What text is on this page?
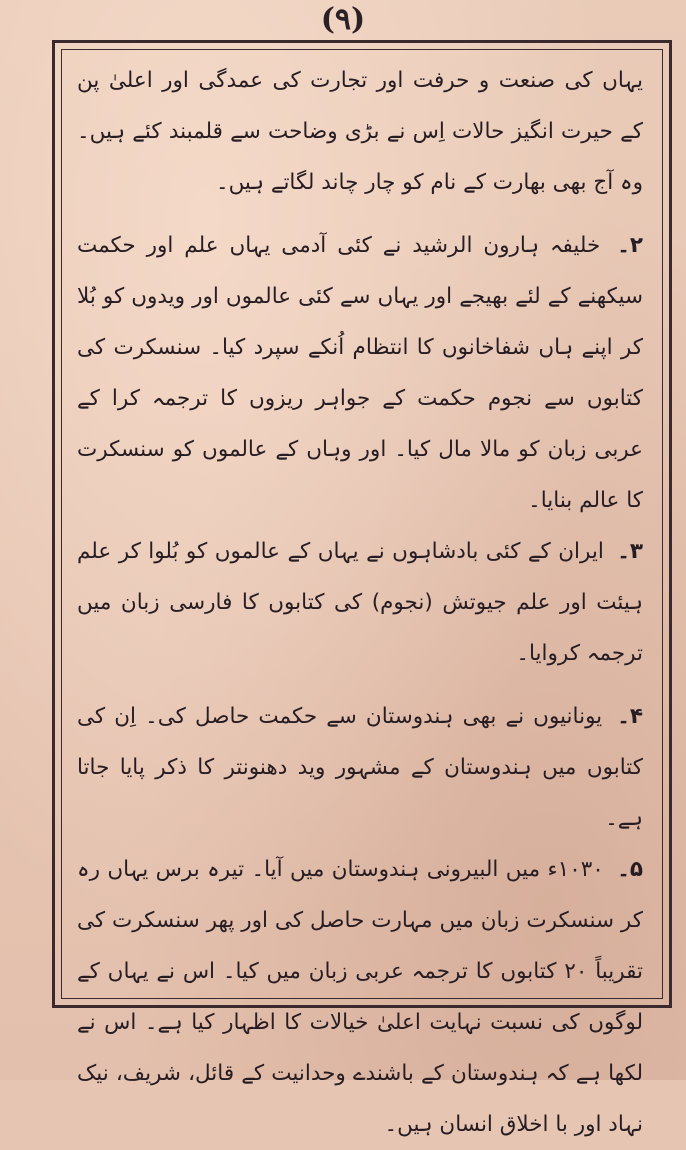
(۹)

یہاں کی صنعت و حرفت اور تجارت کی عمدگی اور اعلیٰ پن کے حیرت انگیز حالات اِس نے بڑی وضاحت سے قلمبند کئے ہیں۔ وہ آج بھی بھارت کے نام کو چار چاند لگاتے ہیں۔

۲۔ خلیفہ ہارون الرشید نے کئی آدمی یہاں علم اور حکمت سیکھنے کے لئے بھیجے اور یہاں سے کئی عالموں اور ویدوں کو بُلا کر اپنے ہاں شفاخانوں کا انتظام اُنکے سپرد کیا۔ سنسکرت کی کتابوں سے نجوم حکمت کے جواہر ریزوں کا ترجمہ کرا کے عربی زبان کو مالا مال کیا۔ اور وہاں کے عالموں کو سنسکرت کا عالم بنایا۔

۳۔ ایران کے کئی بادشاہوں نے یہاں کے عالموں کو بُلوا کر علم ہیئت اور علم جیوتش (نجوم) کی کتابوں کا فارسی زبان میں ترجمہ کروایا۔

۴۔ یونانیوں نے بھی ہندوستان سے حکمت حاصل کی۔ اِن کی کتابوں میں ہندوستان کے مشہور وید دھنونتر کا ذکر پایا جاتا ہے۔

۵۔ ۱۰۳۰ء میں البیرونی ہندوستان میں آیا۔ تیرہ برس یہاں رہ کر سنسکرت زبان میں مہارت حاصل کی اور پھر سنسکرت کی تقریباً ۲۰ کتابوں کا ترجمہ عربی زبان میں کیا۔ اس نے یہاں کے لوگوں کی نسبت نہایت اعلیٰ خیالات کا اظہار کیا ہے۔ اس نے لکھا ہے کہ ہندوستان کے باشندے وحدانیت کے قائل، شریف، نیک نہاد اور با اخلاق انسان ہیں۔
